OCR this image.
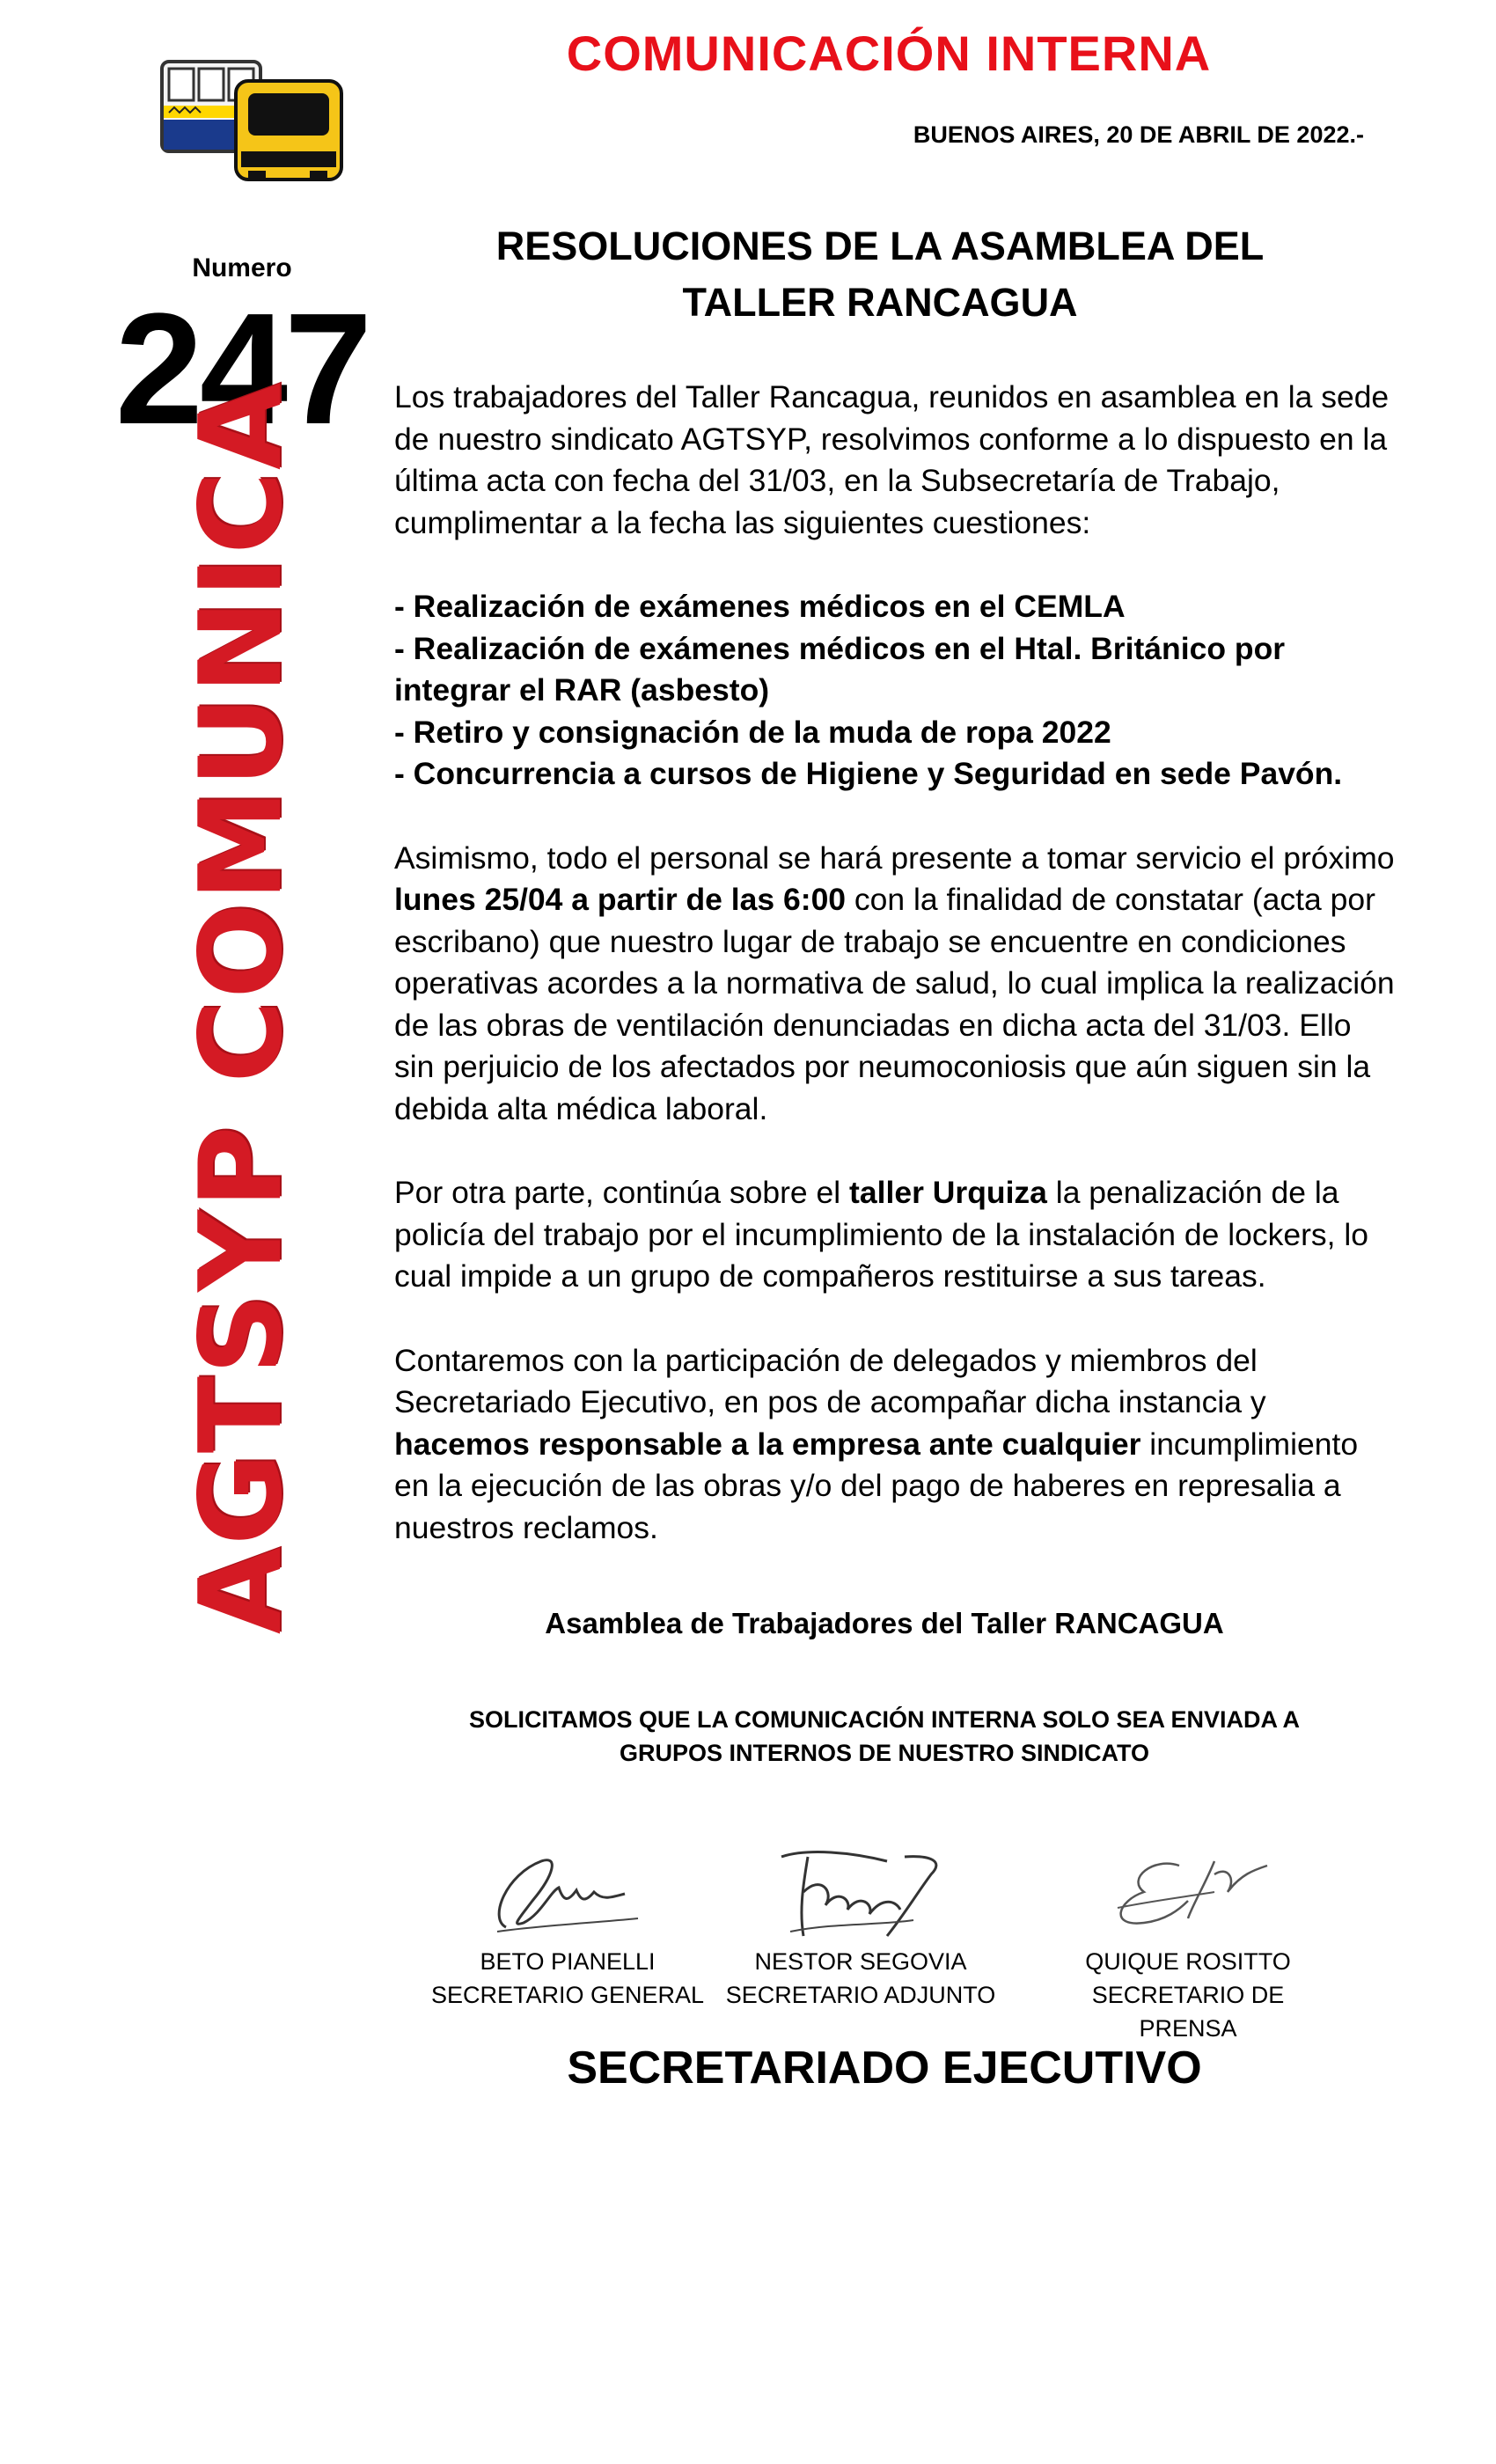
COMUNICACIÓN INTERNA
BUENOS AIRES, 20 DE ABRIL DE 2022.-
Numero
247
AGTSYP COMUNICA
RESOLUCIONES DE LA ASAMBLEA DEL
TALLER RANCAGUA

Los trabajadores del Taller Rancagua, reunidos en asamblea en la sede de nuestro sindicato AGTSYP, resolvimos conforme a lo dispuesto en la última acta con fecha del 31/03, en la Subsecretaría de Trabajo, cumplimentar a la fecha las siguientes cuestiones:

- Realización de exámenes médicos en el CEMLA
- Realización de exámenes médicos en el Htal. Británico por integrar el RAR (asbesto)
- Retiro y consignación de la muda de ropa 2022
- Concurrencia a cursos de Higiene y Seguridad en sede Pavón.

Asimismo, todo el personal se hará presente a tomar servicio el próximo lunes 25/04 a partir de las 6:00 con la finalidad de constatar (acta por escribano) que nuestro lugar de trabajo se encuentre en condiciones operativas acordes a la normativa de salud, lo cual implica la realización de las obras de ventilación denunciadas en dicha acta del 31/03. Ello sin perjuicio de los afectados por neumoconiosis que aún siguen sin la debida alta médica laboral.

Por otra parte, continúa sobre el taller Urquiza la penalización de la policía del trabajo por el incumplimiento de la instalación de lockers, lo cual impide a un grupo de compañeros restituirse a sus tareas.

Contaremos con la participación de delegados y miembros del Secretariado Ejecutivo, en pos de acompañar dicha instancia y hacemos responsable a la empresa ante cualquier incumplimiento en la ejecución de las obras y/o del pago de haberes en represalia a nuestros reclamos.

Asamblea de Trabajadores del Taller RANCAGUA
SOLICITAMOS QUE LA COMUNICACIÓN INTERNA SOLO SEA ENVIADA A
GRUPOS INTERNOS DE NUESTRO SINDICATO
BETO PIANELLI
SECRETARIO GENERAL
NESTOR SEGOVIA
SECRETARIO ADJUNTO
QUIQUE ROSITTO
SECRETARIO DE PRENSA
SECRETARIADO EJECUTIVO
